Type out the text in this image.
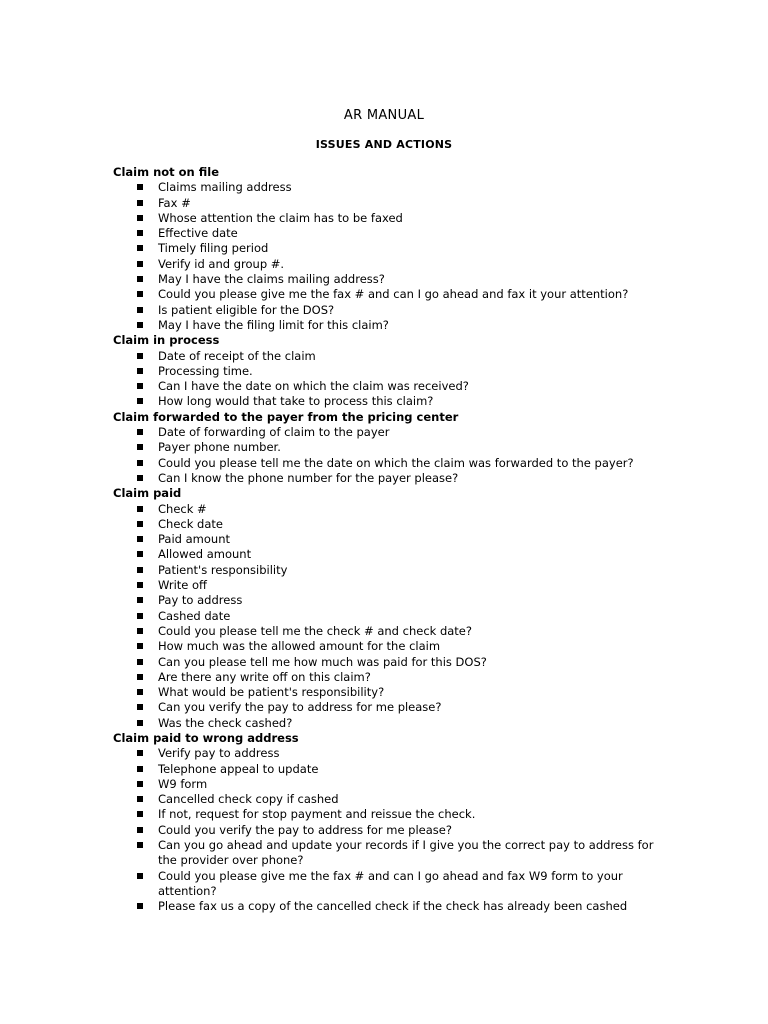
AR MANUAL
ISSUES AND ACTIONS
Claim not on file
Claims mailing address
Fax #
Whose attention the claim has to be faxed
Effective date
Timely filing period
Verify id and group #.
May I have the claims mailing address?
Could you please give me the fax # and can I go ahead and fax it your attention?
Is patient eligible for the DOS?
May I have the filing limit for this claim?
Claim in process
Date of receipt of the claim
Processing time.
Can I have the date on which the claim was received?
How long would that take to process this claim?
Claim forwarded to the payer from the pricing center
Date of forwarding of claim to the payer
Payer phone number.
Could you please tell me the date on which the claim was forwarded to the payer?
Can I know the phone number for the payer please?
Claim paid
Check #
Check date
Paid amount
Allowed amount
Patient's responsibility
Write off
Pay to address
Cashed date
Could you please tell me the check # and check date?
How much was the allowed amount for the claim
Can you please tell me how much was paid for this DOS?
Are there any write off on this claim?
What would be patient's responsibility?
Can you verify the pay to address for me please?
Was the check cashed?
Claim paid to wrong address
Verify pay to address
Telephone appeal to update
W9 form
Cancelled check copy if cashed
If not, request for stop payment and reissue the check.
Could you verify the pay to address for me please?
Can you go ahead and update your records if I give you the correct pay to address for the provider over phone?
Could you please give me the fax # and can I go ahead and fax W9 form to your attention?
Please fax us a copy of the cancelled check if the check has already been cashed
